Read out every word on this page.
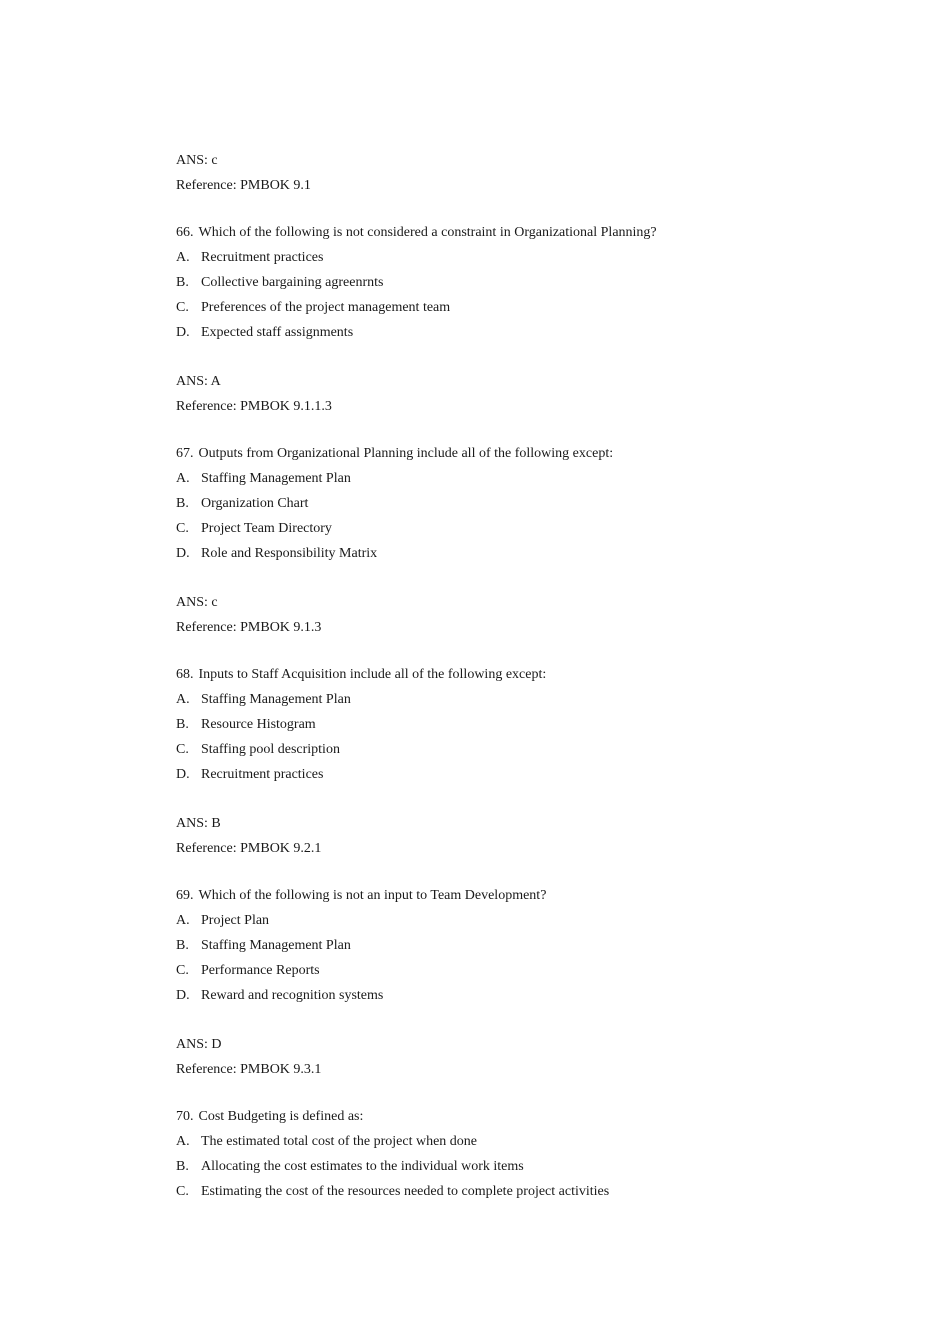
ANS: c
Reference: PMBOK 9.1
66. Which of the following is not considered a constraint in Organizational Planning?
A. Recruitment practices
B. Collective bargaining agreenrnts
C. Preferences of the project management team
D. Expected staff assignments
ANS: A
Reference: PMBOK 9.1.1.3
67. Outputs from Organizational Planning include all of the following except:
A. Staffing Management Plan
B. Organization Chart
C. Project Team Directory
D. Role and Responsibility Matrix
ANS: c
Reference: PMBOK 9.1.3
68. Inputs to Staff Acquisition include all of the following except:
A. Staffing Management Plan
B. Resource Histogram
C. Staffing pool description
D. Recruitment practices
ANS: B
Reference: PMBOK 9.2.1
69. Which of the following is not an input to Team Development?
A. Project Plan
B. Staffing Management Plan
C. Performance Reports
D. Reward and recognition systems
ANS: D
Reference: PMBOK 9.3.1
70. Cost Budgeting is defined as:
A. The estimated total cost of the project when done
B. Allocating the cost estimates to the individual work items
C. Estimating the cost of the resources needed to complete project activities
